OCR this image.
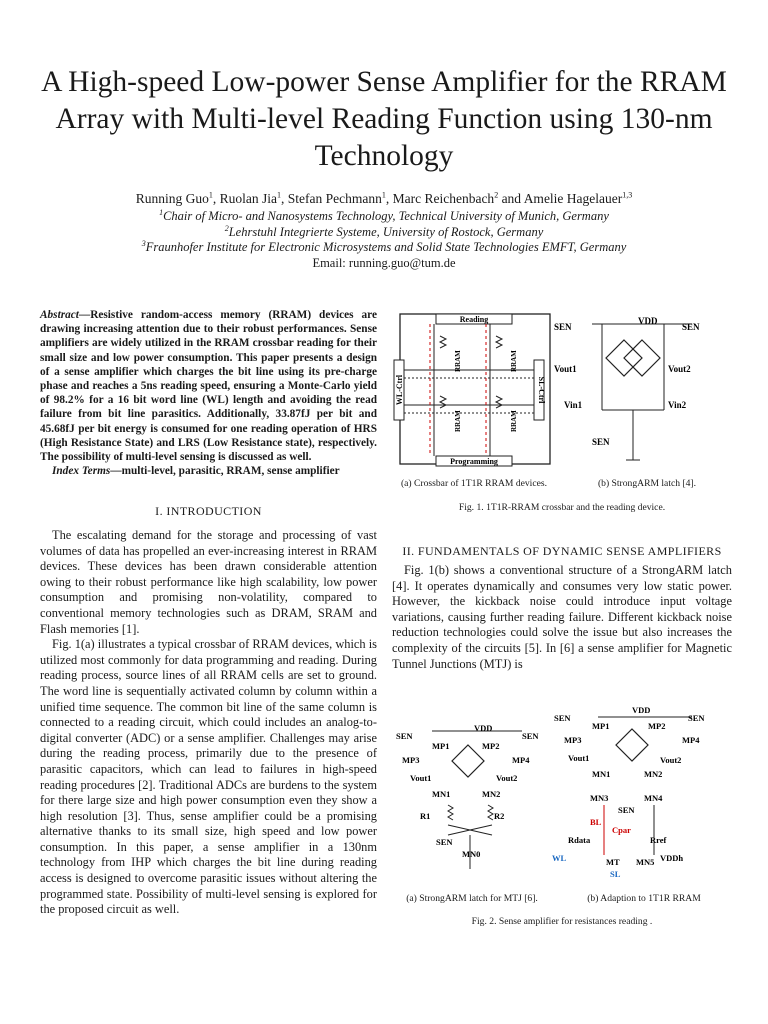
A High-speed Low-power Sense Amplifier for the RRAM Array with Multi-level Reading Function using 130-nm Technology
Running Guo$^1$, Ruolan Jia$^1$, Stefan Pechmann$^1$, Marc Reichenbach$^2$ and Amelie Hagelauer$^{1,3}$
$^1$Chair of Micro- and Nanosystems Technology, Technical University of Munich, Germany
$^2$Lehrstuhl Integrierte Systeme, University of Rostock, Germany
$^3$Fraunhofer Institute for Electronic Microsystems and Solid State Technologies EMFT, Germany
Email: running.guo@tum.de
Abstract—Resistive random-access memory (RRAM) devices are drawing increasing attention due to their robust performances. Sense amplifiers are widely utilized in the RRAM crossbar reading for their small size and low power consumption. This paper presents a design of a sense amplifier which charges the bit line using its pre-charge phase and reaches a 5ns reading speed, ensuring a Monte-Carlo yield of 98.2% for a 16 bit word line (WL) length and avoiding the read failure from bit line parasitics. Additionally, 33.87fJ per bit and 45.68fJ per bit energy is consumed for one reading operation of HRS (High Resistance State) and LRS (Low Resistance state), respectively. The possibility of multi-level sensing is discussed as well.
Index Terms—multi-level, parasitic, RRAM, sense amplifier
I. INTRODUCTION

The escalating demand for the storage and processing of vast volumes of data has propelled an ever-increasing interest in RRAM devices. These devices has been drawn considerable attention owing to their robust performance like high scalability, low power consumption and promising non-volatility, compared to conventional memory technologies such as DRAM, SRAM and Flash memories [1].

Fig. 1(a) illustrates a typical crossbar of RRAM devices, which is utilized most commonly for data programming and reading. During reading process, source lines of all RRAM cells are set to ground. The word line is sequentially activated column by column within a unified time sequence. The common bit line of the same column is connected to a reading circuit, which could includes an analog-to-digital converter (ADC) or a sense amplifier. Challenges may arise during the reading process, primarily due to the presence of parasitic capacitors, which can lead to failures in high-speed reading procedures [2]. Traditional ADCs are burdens to the system for there large size and high power consumption even they show a high resolution [3]. Thus, sense amplifier could be a promising alternative thanks to its small size, high speed and low power consumption. In this paper, a sense amplifier in a 130nm technology from IHP which charges the bit line during reading access is designed to overcome parasitic issues without altering the programmed state. Possibility of multi-level sensing is explored for the proposed circuit as well.

Reading
Programming
WL-Ctrl	SL-Ctrl
RRAM	RRAM
RRAM	RRAM
VDD
SEN	SEN
Vout1	Vout2
Vin1	Vin2
SEN
(a) Crossbar of 1T1R RRAM devices.	(b) StrongARM latch [4].
Fig. 1. 1T1R-RRAM crossbar and the reading device.
II. FUNDAMENTALS OF DYNAMIC SENSE AMPLIFIERS

Fig. 1(b) shows a conventional structure of a StrongARM latch [4]. It operates dynamically and consumes very low static power. However, the kickback noise could introduce input voltage variations, causing further reading failure. Different kickback noise reduction technologies could solve the issue but also increases the complexity of the circuits [5]. In [6] a sense amplifier for Magnetic Tunnel Junctions (MTJ) is

VDD
SEN	SEN
MP1	MP2
MP3	MP4
Vout1	Vout2
MN1	MN2
R1	R2
SEN
MN0
VDD
SEN	SEN
MP1	MP2
MP3	MP4
Vout1	Vout2
MN1	MN2
MN3	MN4
SEN
BL
Cpar
Rdata	Rref
WL	MT MN5 VDDh
SL
(a) StrongARM latch for MTJ [6].	(b) Adaption to 1T1R RRAM
Fig. 2. Sense amplifier for resistances reading .
